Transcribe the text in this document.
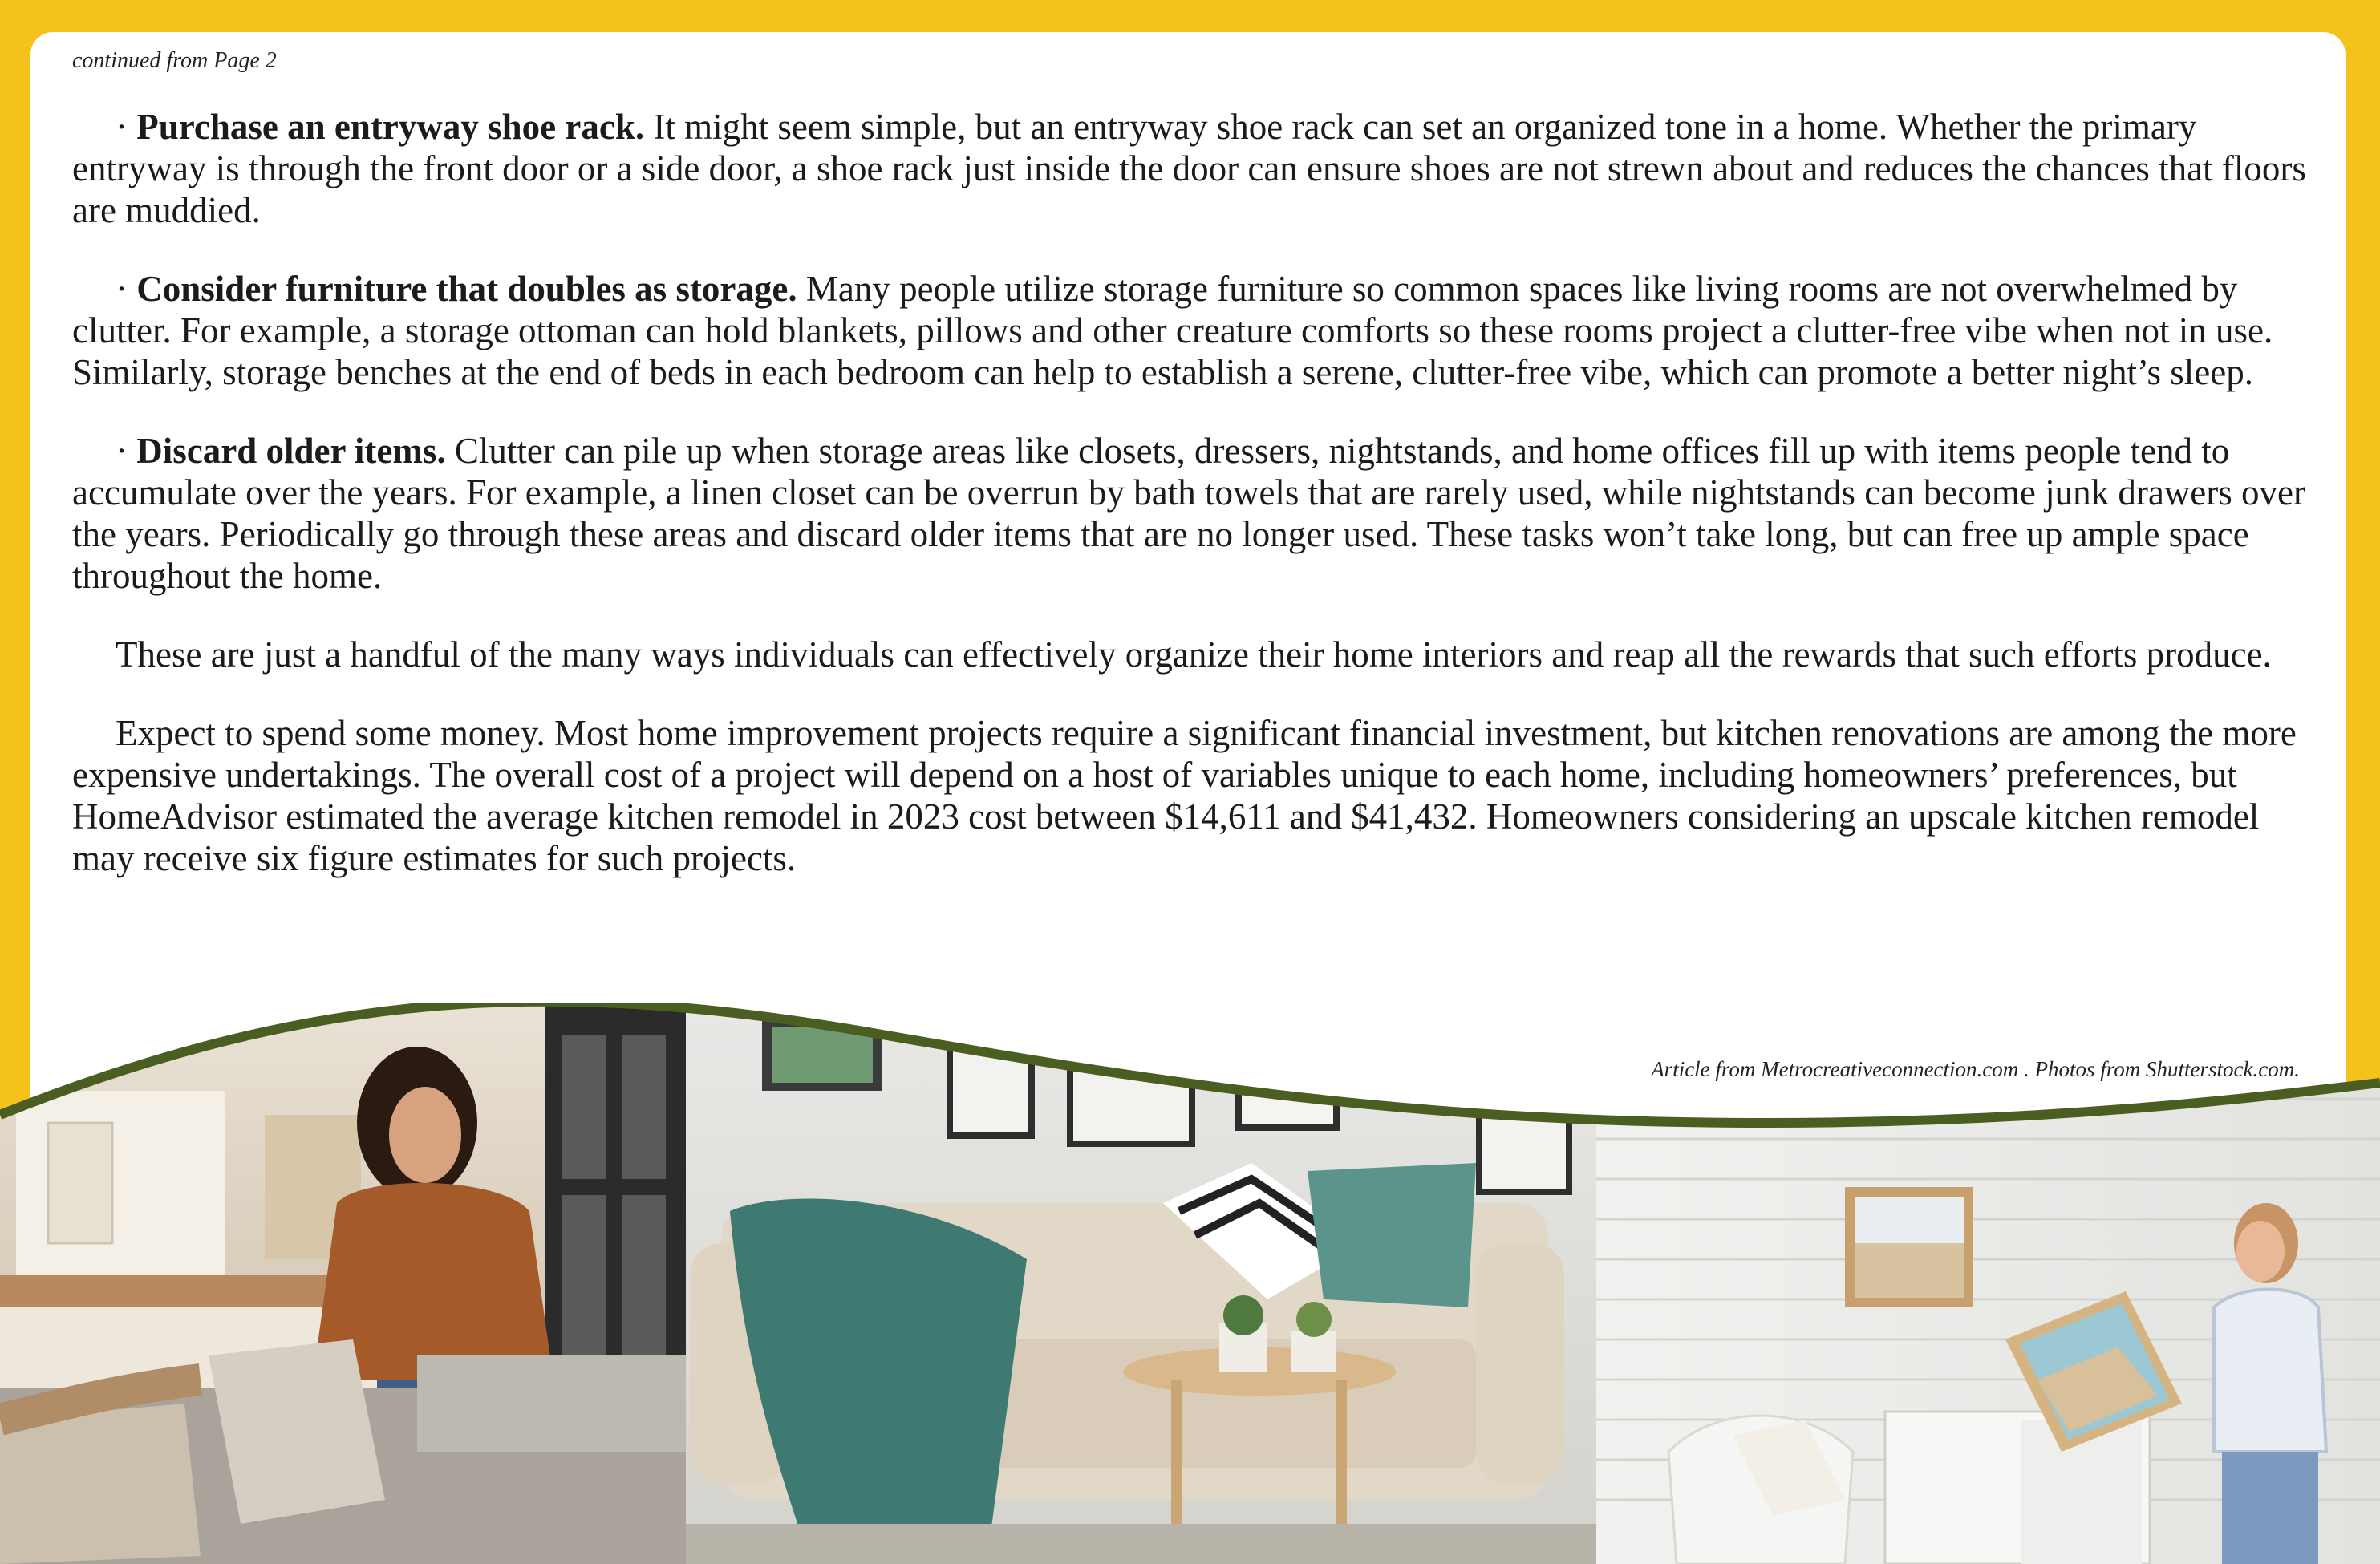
continued from Page 2

· Purchase an entryway shoe rack. It might seem simple, but an entryway shoe rack can set an organized tone in a home. Whether the primary entryway is through the front door or a side door, a shoe rack just inside the door can ensure shoes are not strewn about and reduces the chances that floors are muddied.

· Consider furniture that doubles as storage. Many people utilize storage furniture so common spaces like living rooms are not overwhelmed by clutter. For example, a storage ottoman can hold blankets, pillows and other creature comforts so these rooms project a clutter-free vibe when not in use. Similarly, storage benches at the end of beds in each bedroom can help to establish a serene, clutter-free vibe, which can promote a better night’s sleep.

· Discard older items. Clutter can pile up when storage areas like closets, dressers, nightstands, and home offices fill up with items people tend to accumulate over the years. For example, a linen closet can be overrun by bath towels that are rarely used, while nightstands can become junk drawers over the years. Periodically go through these areas and discard older items that are no longer used. These tasks won’t take long, but can free up ample space throughout the home.

These are just a handful of the many ways individuals can effectively organize their home interiors and reap all the rewards that such efforts produce.

Expect to spend some money. Most home improvement projects require a significant financial investment, but kitchen renovations are among the more expensive undertakings. The overall cost of a project will depend on a host of variables unique to each home, including homeowners’ preferences, but HomeAdvisor estimated the average kitchen remodel in 2023 cost between $14,611 and $41,432. Homeowners considering an upscale kitchen remodel may receive six figure estimates for such projects.

Article from Metrocreativeconnection.com . Photos from Shutterstock.com.
